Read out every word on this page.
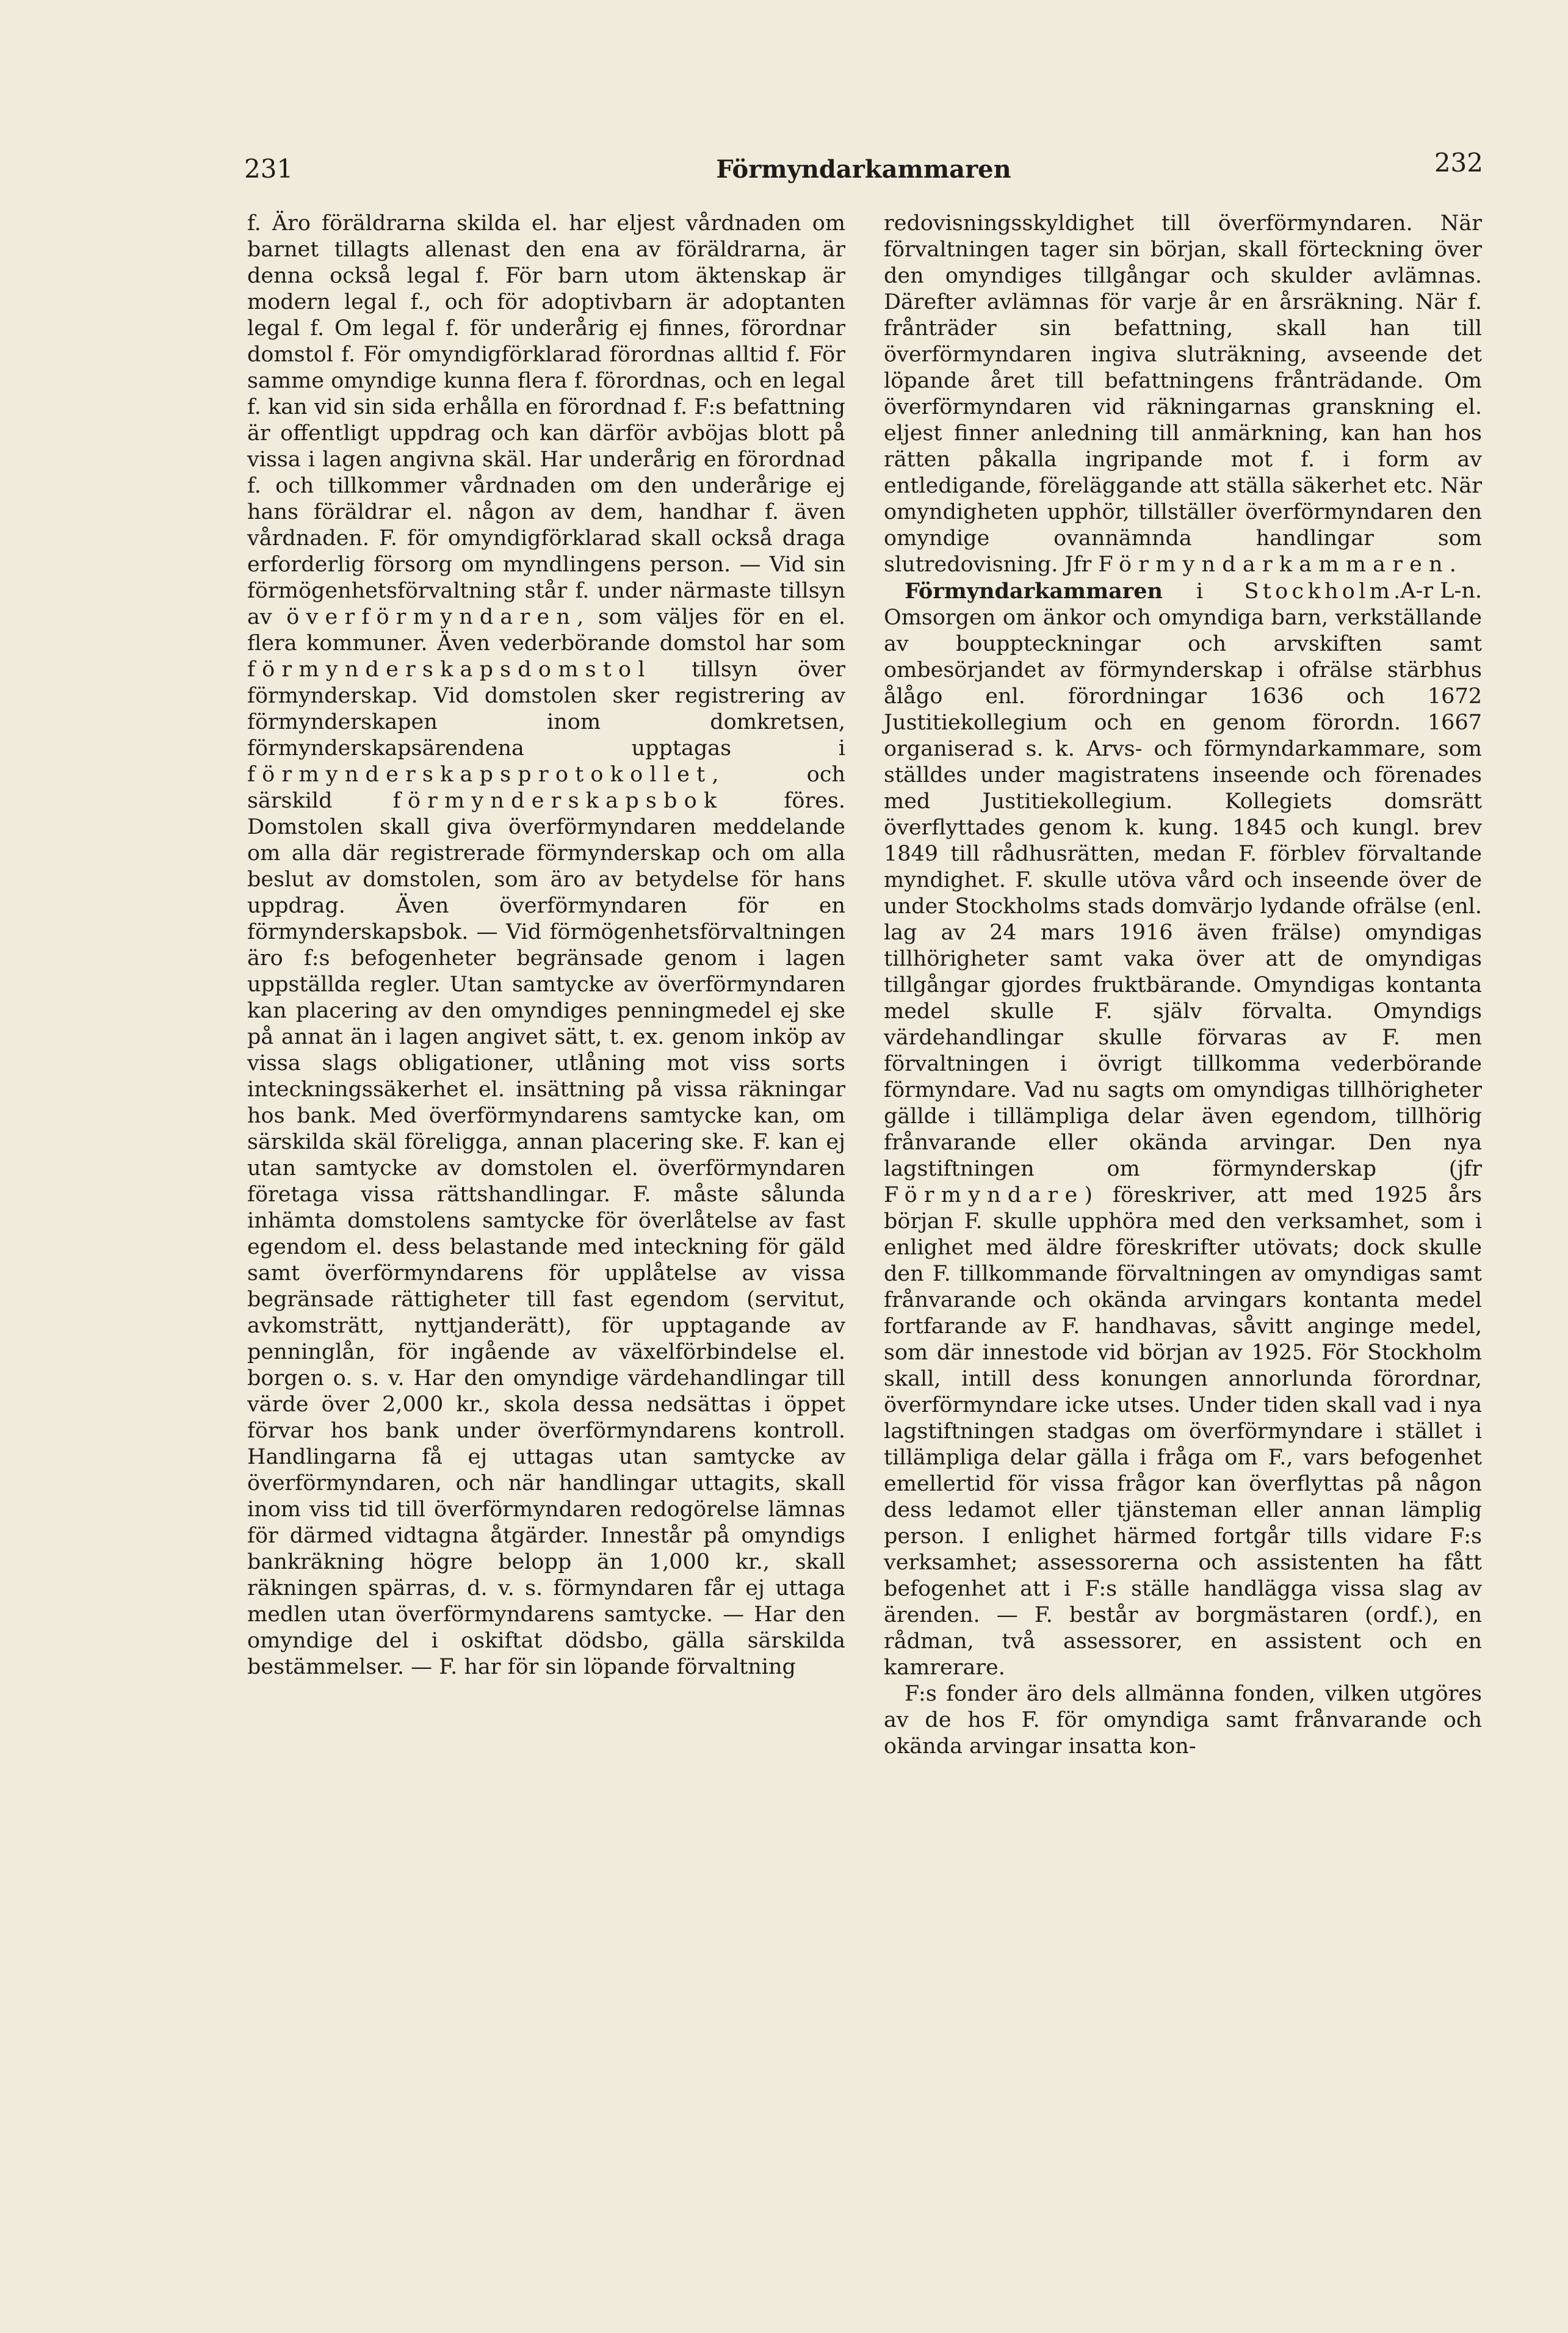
231	Förmyndarkammaren	232

f. Äro föräldrarna skilda el. har eljest vårdnaden om barnet tillagts allenast den ena av föräldrarna, är denna också legal f. För barn utom äktenskap är modern legal f., och för adoptivbarn är adoptanten legal f. Om legal f. för underårig ej finnes, förordnar domstol f. För omyndigförklarad förordnas alltid f. För samme omyndige kunna flera f. förordnas, och en legal f. kan vid sin sida erhålla en förordnad f. F:s befattning är offentligt uppdrag och kan därför avböjas blott på vissa i lagen angivna skäl. Har underårig en förordnad f. och tillkommer vårdnaden om den underårige ej hans föräldrar el. någon av dem, handhar f. även vårdnaden. F. för omyndigförklarad skall också draga erforderlig försorg om myndlingens person. — Vid sin förmögenhetsförvaltning står f. under närmaste tillsyn av överförmyndaren, som väljes för en el. flera kommuner. Även vederbörande domstol har som förmynderskapsdomstol tillsyn över förmynderskap. Vid domstolen sker registrering av förmynderskapen inom domkretsen, förmynderskapsärendena upptagas i förmynderskapsprotokollet, och särskild förmynderskapsbok föres. Domstolen skall giva överförmyndaren meddelande om alla där registrerade förmynderskap och om alla beslut av domstolen, som äro av betydelse för hans uppdrag. Även överförmyndaren för en förmynderskapsbok. — Vid förmögenhetsförvaltningen äro f:s befogenheter begränsade genom i lagen uppställda regler. Utan samtycke av överförmyndaren kan placering av den omyndiges penningmedel ej ske på annat än i lagen angivet sätt, t. ex. genom inköp av vissa slags obligationer, utlåning mot viss sorts inteckningssäkerhet el. insättning på vissa räkningar hos bank. Med överförmyndarens samtycke kan, om särskilda skäl föreligga, annan placering ske. F. kan ej utan samtycke av domstolen el. överförmyndaren företaga vissa rättshandlingar. F. måste sålunda inhämta domstolens samtycke för överlåtelse av fast egendom el. dess belastande med inteckning för gäld samt överförmyndarens för upplåtelse av vissa begränsade rättigheter till fast egendom (servitut, avkomsträtt, nyttjanderätt), för upptagande av penninglån, för ingående av växelförbindelse el. borgen o. s. v. Har den omyndige värdehandlingar till värde över 2,000 kr., skola dessa nedsättas i öppet förvar hos bank under överförmyndarens kontroll. Handlingarna få ej uttagas utan samtycke av överförmyndaren, och när handlingar uttagits, skall inom viss tid till överförmyndaren redogörelse lämnas för därmed vidtagna åtgärder. Innestår på omyndigs bankräkning högre belopp än 1,000 kr., skall räkningen spärras, d. v. s. förmyndaren får ej uttaga medlen utan överförmyndarens samtycke. — Har den omyndige del i oskiftat dödsbo, gälla särskilda bestämmelser. — F. har för sin löpande förvaltning

redovisningsskyldighet till överförmyndaren. När förvaltningen tager sin början, skall förteckning över den omyndiges tillgångar och skulder avlämnas. Därefter avlämnas för varje år en årsräkning. När f. frånträder sin befattning, skall han till överförmyndaren ingiva sluträkning, avseende det löpande året till befattningens frånträdande. Om överförmyndaren vid räkningarnas granskning el. eljest finner anledning till anmärkning, kan han hos rätten påkalla ingripande mot f. i form av entledigande, föreläggande att ställa säkerhet etc. När omyndigheten upphör, tillställer överförmyndaren den omyndige ovannämnda handlingar som slutredovisning. Jfr Förmyndarkammaren.
A-r L-n.

Förmyndarkammaren i Stockholm. Omsorgen om änkor och omyndiga barn, verkställande av bouppteckningar och arvskiften samt ombesörjandet av förmynderskap i ofrälse stärbhus ålågo enl. förordningar 1636 och 1672 Justitiekollegium och en genom förordn. 1667 organiserad s. k. Arvs- och förmyndarkammare, som ställdes under magistratens inseende och förenades med Justitiekollegium. Kollegiets domsrätt överflyttades genom k. kung. 1845 och kungl. brev 1849 till rådhusrätten, medan F. förblev förvaltande myndighet. F. skulle utöva vård och inseende över de under Stockholms stads domvärjo lydande ofrälse (enl. lag av 24 mars 1916 även frälse) omyndigas tillhörigheter samt vaka över att de omyndigas tillgångar gjordes fruktbärande. Omyndigas kontanta medel skulle F. själv förvalta. Omyndigs värdehandlingar skulle förvaras av F. men förvaltningen i övrigt tillkomma vederbörande förmyndare. Vad nu sagts om omyndigas tillhörigheter gällde i tillämpliga delar även egendom, tillhörig frånvarande eller okända arvingar. Den nya lagstiftningen om förmynderskap (jfr Förmyndare) föreskriver, att med 1925 års början F. skulle upphöra med den verksamhet, som i enlighet med äldre föreskrifter utövats; dock skulle den F. tillkommande förvaltningen av omyndigas samt frånvarande och okända arvingars kontanta medel fortfarande av F. handhavas, såvitt anginge medel, som där innestode vid början av 1925. För Stockholm skall, intill dess konungen annorlunda förordnar, överförmyndare icke utses. Under tiden skall vad i nya lagstiftningen stadgas om överförmyndare i stället i tillämpliga delar gälla i fråga om F., vars befogenhet emellertid för vissa frågor kan överflyttas på någon dess ledamot eller tjänsteman eller annan lämplig person. I enlighet härmed fortgår tills vidare F:s verksamhet; assessorerna och assistenten ha fått befogenhet att i F:s ställe handlägga vissa slag av ärenden. — F. består av borgmästaren (ordf.), en rådman, två assessorer, en assistent och en kamrerare.

F:s fonder äro dels allmänna fonden, vilken utgöres av de hos F. för omyndiga samt frånvarande och okända arvingar insatta kon-
